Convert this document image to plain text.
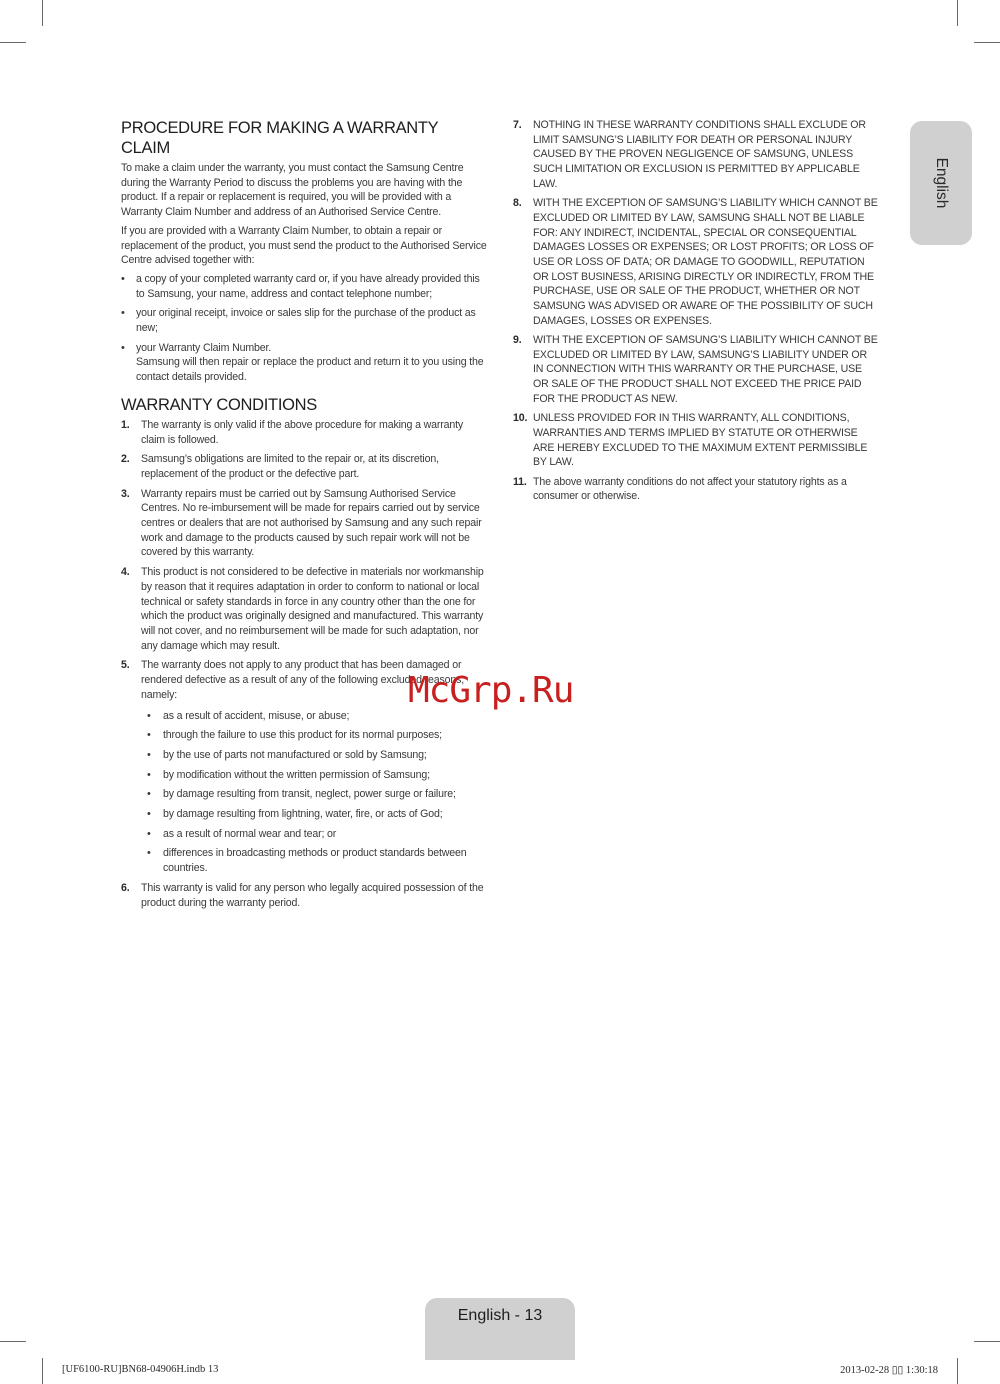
PROCEDURE FOR MAKING A WARRANTY CLAIM

To make a claim under the warranty, you must contact the Samsung Centre during the Warranty Period to discuss the problems you are having with the product. If a repair or replacement is required, you will be provided with a Warranty Claim Number and address of an Authorised Service Centre.

If you are provided with a Warranty Claim Number, to obtain a repair or replacement of the product, you must send the product to the Authorised Service Centre advised together with:

• a copy of your completed warranty card or, if you have already provided this to Samsung, your name, address and contact telephone number;
• your original receipt, invoice or sales slip for the purchase of the product as new;
• your Warranty Claim Number.
Samsung will then repair or replace the product and return it to you using the contact details provided.
WARRANTY CONDITIONS
1. The warranty is only valid if the above procedure for making a warranty claim is followed.
2. Samsung’s obligations are limited to the repair or, at its discretion, replacement of the product or the defective part.
3. Warranty repairs must be carried out by Samsung Authorised Service Centres. No re-imbursement will be made for repairs carried out by service centres or dealers that are not authorised by Samsung and any such repair work and damage to the products caused by such repair work will not be covered by this warranty.
4. This product is not considered to be defective in materials nor workmanship by reason that it requires adaptation in order to conform to national or local technical or safety standards in force in any country other than the one for which the product was originally designed and manufactured. This warranty will not cover, and no reimbursement will be made for such adaptation, nor any damage which may result.
5. The warranty does not apply to any product that has been damaged or rendered defective as a result of any of the following excluded reasons, namely:
• as a result of accident, misuse, or abuse;
• through the failure to use this product for its normal purposes;
• by the use of parts not manufactured or sold by Samsung;
• by modification without the written permission of Samsung;
• by damage resulting from transit, neglect, power surge or failure;
• by damage resulting from lightning, water, fire, or acts of God;
• as a result of normal wear and tear; or
• differences in broadcasting methods or product standards between countries.
6. This warranty is valid for any person who legally acquired possession of the product during the warranty period.
7. NOTHING IN THESE WARRANTY CONDITIONS SHALL EXCLUDE OR LIMIT SAMSUNG’S LIABILITY FOR DEATH OR PERSONAL INJURY CAUSED BY THE PROVEN NEGLIGENCE OF SAMSUNG, UNLESS SUCH LIMITATION OR EXCLUSION IS PERMITTED BY APPLICABLE LAW.
8. WITH THE EXCEPTION OF SAMSUNG’S LIABILITY WHICH CANNOT BE EXCLUDED OR LIMITED BY LAW, SAMSUNG SHALL NOT BE LIABLE FOR: ANY INDIRECT, INCIDENTAL, SPECIAL OR CONSEQUENTIAL DAMAGES LOSSES OR EXPENSES; OR LOST PROFITS; OR LOSS OF USE OR LOSS OF DATA; OR DAMAGE TO GOODWILL, REPUTATION OR LOST BUSINESS, ARISING DIRECTLY OR INDIRECTLY, FROM THE PURCHASE, USE OR SALE OF THE PRODUCT, WHETHER OR NOT SAMSUNG WAS ADVISED OR AWARE OF THE POSSIBILITY OF SUCH DAMAGES, LOSSES OR EXPENSES.
9. WITH THE EXCEPTION OF SAMSUNG’S LIABILITY WHICH CANNOT BE EXCLUDED OR LIMITED BY LAW, SAMSUNG’S LIABILITY UNDER OR IN CONNECTION WITH THIS WARRANTY OR THE PURCHASE, USE OR SALE OF THE PRODUCT SHALL NOT EXCEED THE PRICE PAID FOR THE PRODUCT AS NEW.
10. UNLESS PROVIDED FOR IN THIS WARRANTY, ALL CONDITIONS, WARRANTIES AND TERMS IMPLIED BY STATUTE OR OTHERWISE ARE HEREBY EXCLUDED TO THE MAXIMUM EXTENT PERMISSIBLE BY LAW.
11. The above warranty conditions do not affect your statutory rights as a consumer or otherwise.
English
McGrp.Ru
English - 13
[UF6100-RU]BN68-04906H.indb 13	2013-02-28 ▯▯ 1:30:18
